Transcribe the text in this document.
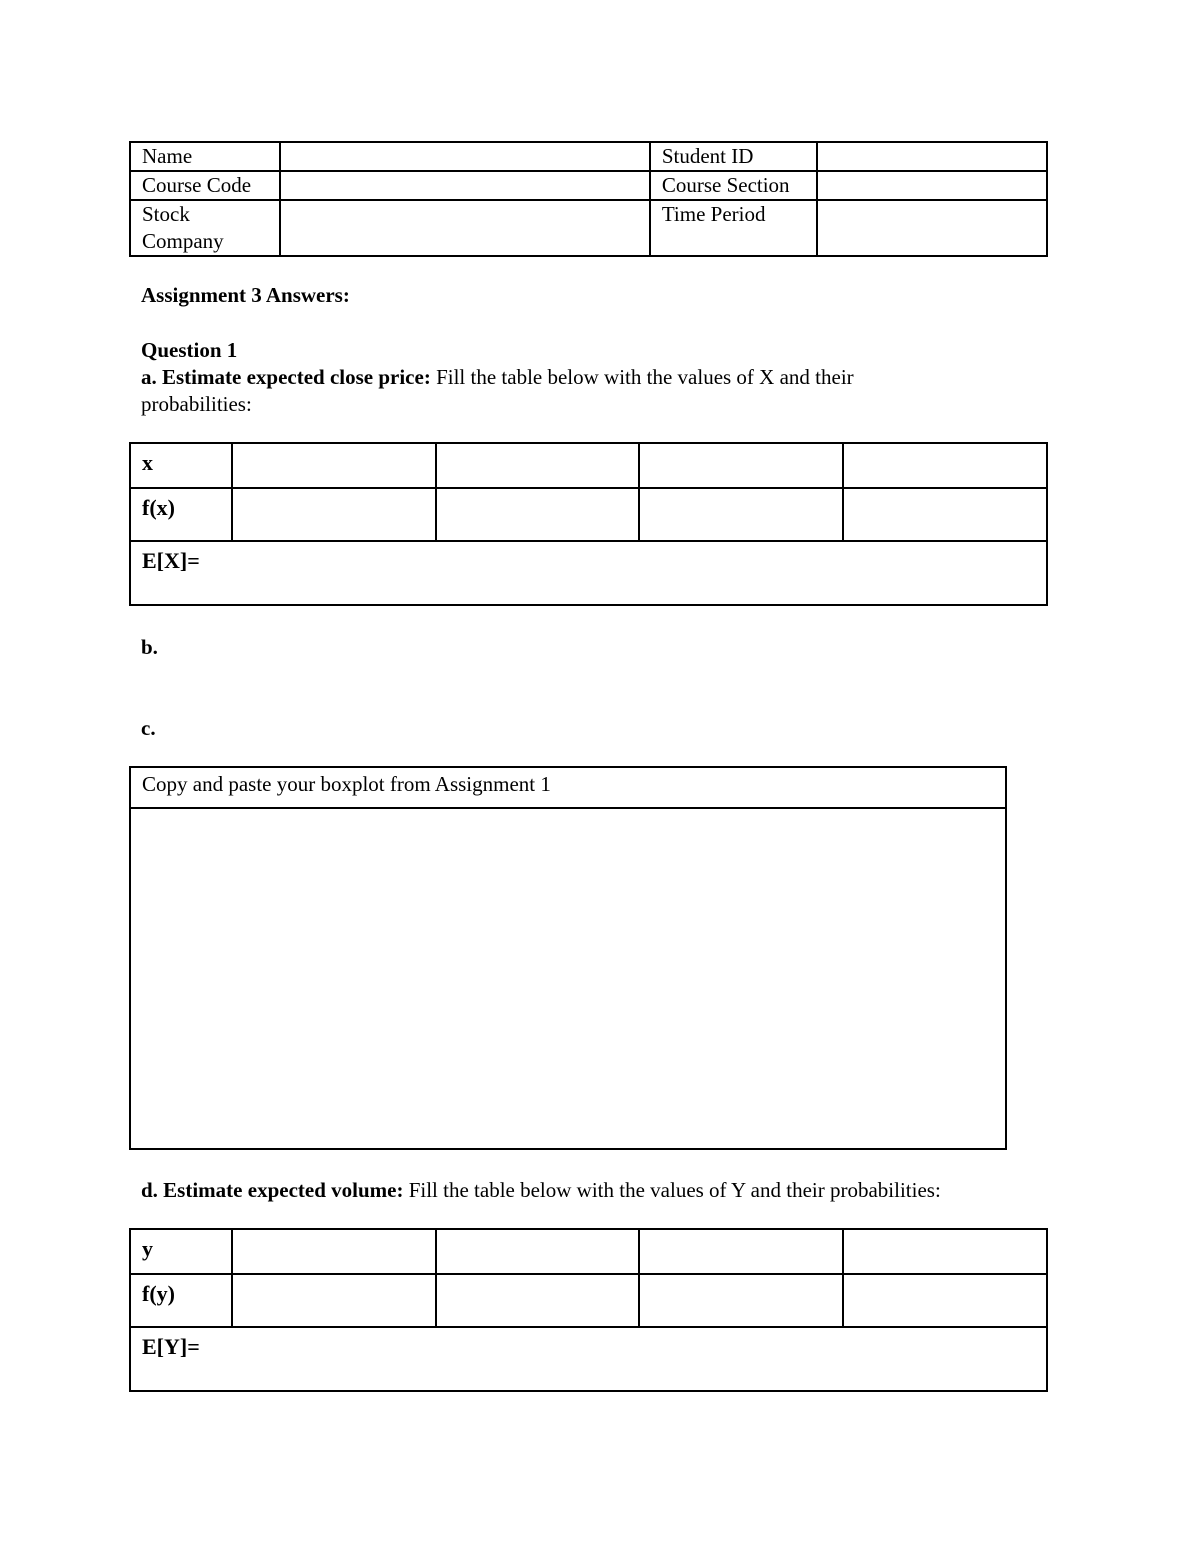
Name		Student ID	
Course Code		Course Section	
Stock
Company		Time Period	

Assignment 3 Answers:

Question 1

a. Estimate expected close price: Fill the table below with the values of X and their
probabilities:

x				
f(x)				
E[X]=				

b.

c.

Copy and paste your boxplot from Assignment 1

d. Estimate expected volume: Fill the table below with the values of Y and their probabilities:

y				
f(y)				
E[Y]=				
